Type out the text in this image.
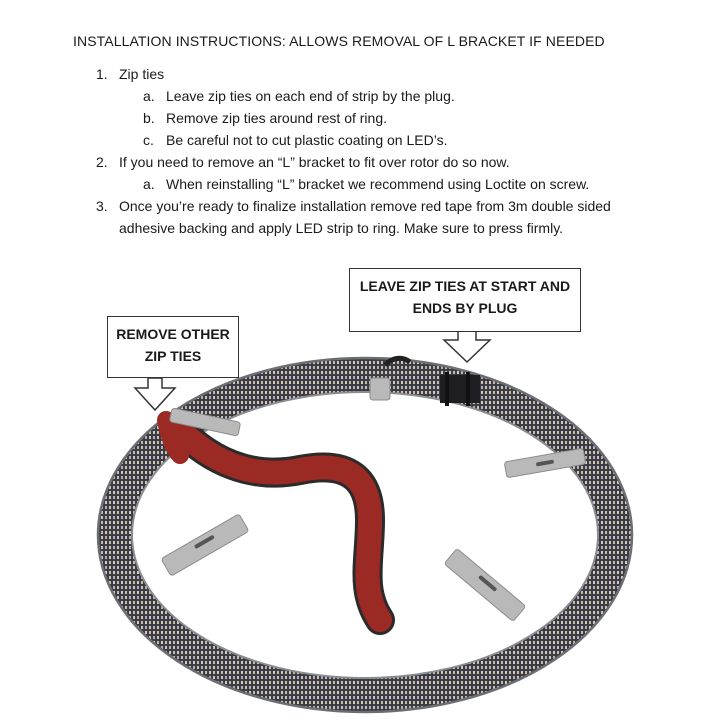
INSTALLATION INSTRUCTIONS: ALLOWS REMOVAL OF L BRACKET IF NEEDED
1. Zip ties
a. Leave zip ties on each end of strip by the plug.
b. Remove zip ties around rest of ring.
c. Be careful not to cut plastic coating on LED’s.
2. If you need to remove an “L” bracket to fit over rotor do so now.
a. When reinstalling “L” bracket we recommend using Loctite on screw.
3. Once you’re ready to finalize installation remove red tape from 3m double sided
adhesive backing and apply LED strip to ring. Make sure to press firmly.
REMOVE OTHER
ZIP TIES
LEAVE ZIP TIES AT START AND
ENDS BY PLUG
